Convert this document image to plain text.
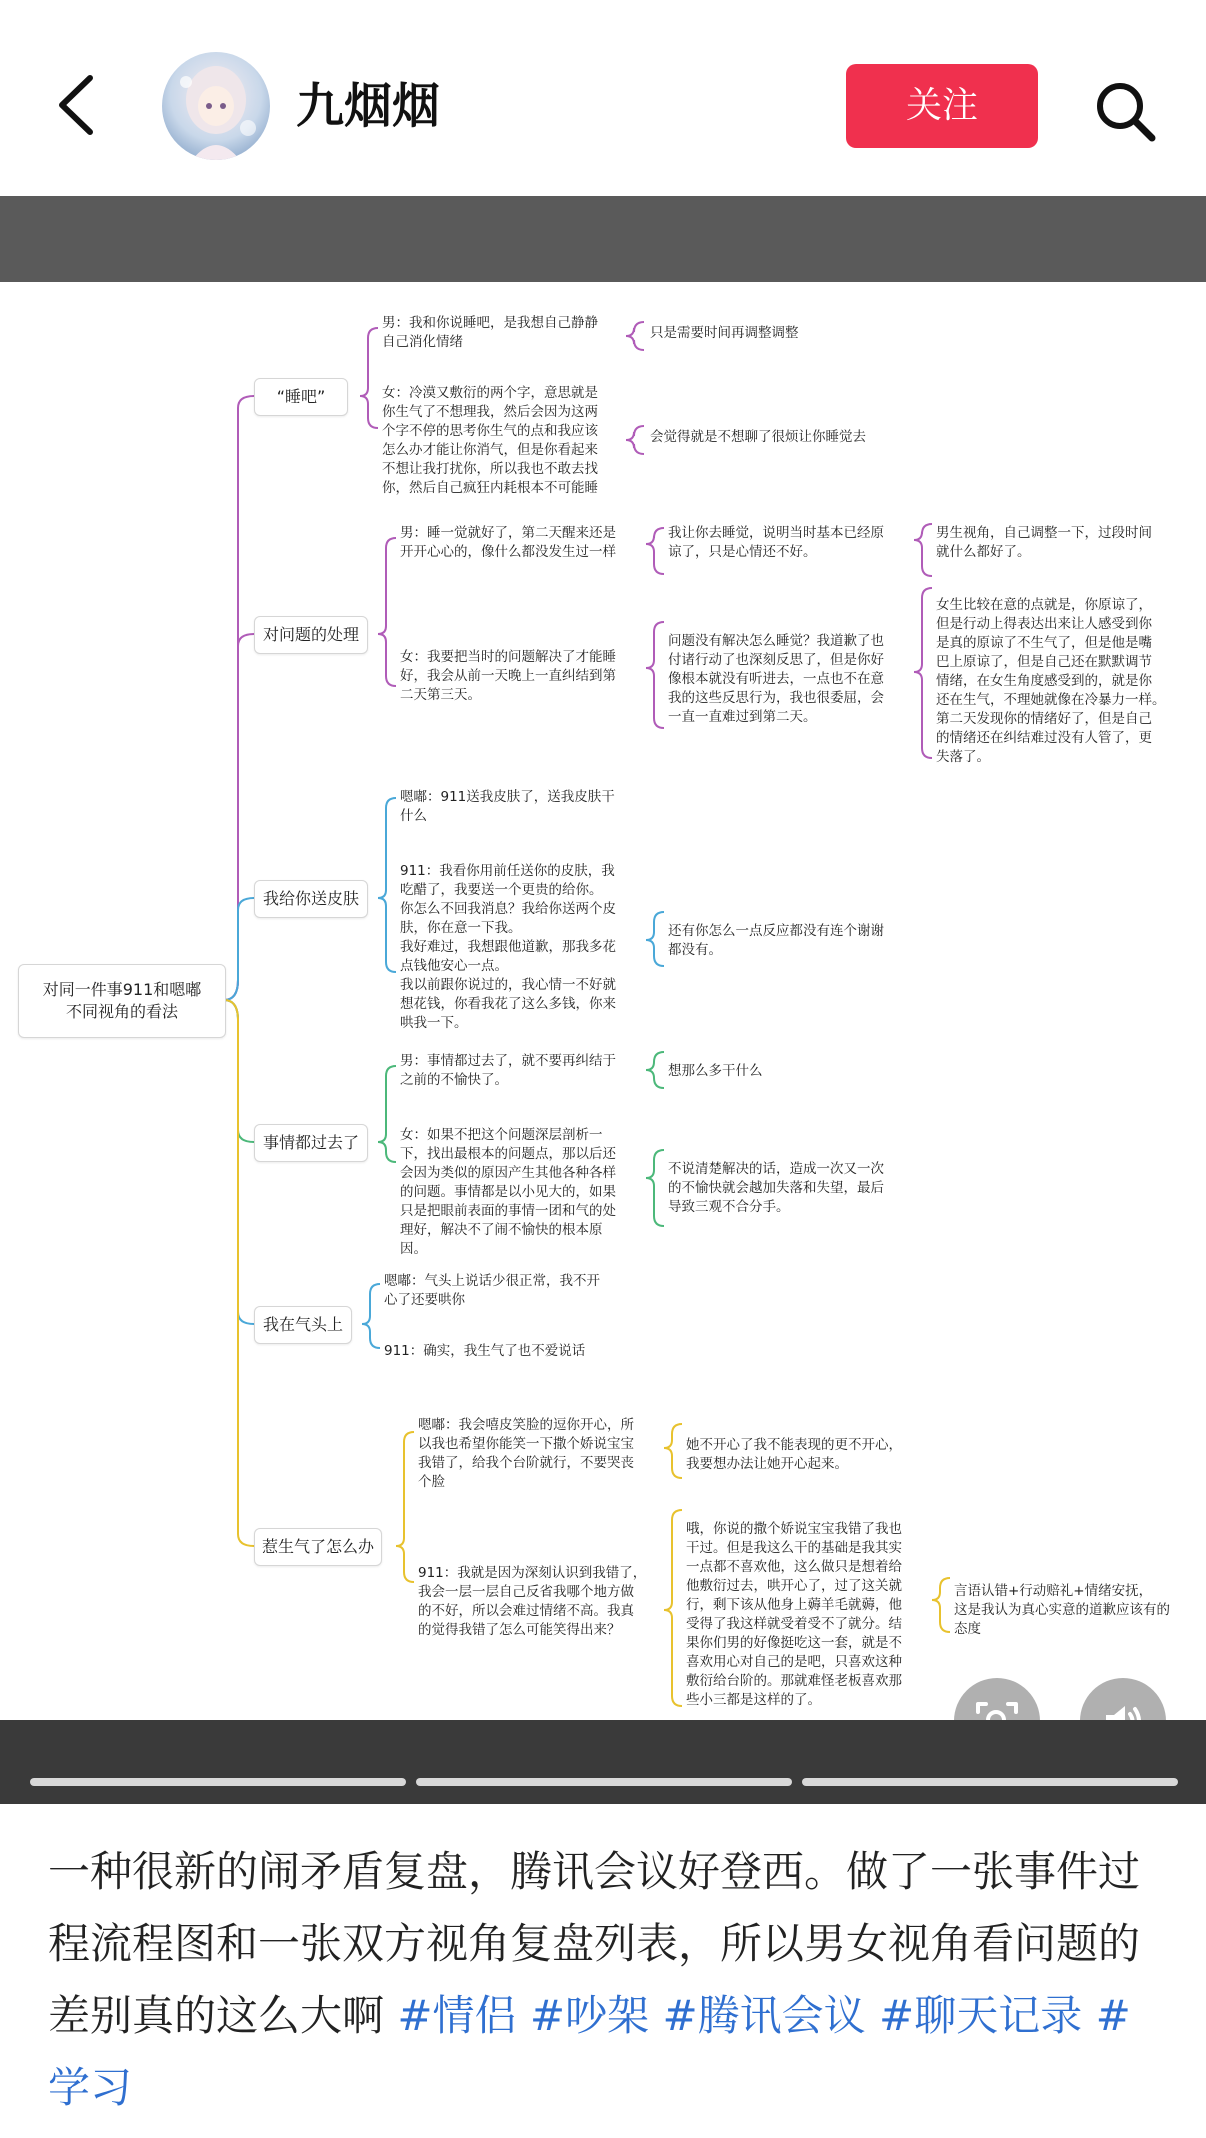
九烟烟	关注
对同一件事911和嗯嘟
不同视角的看法
“睡吧”
对问题的处理
我给你送皮肤
事情都过去了
我在气头上
惹生气了怎么办
男：我和你说睡吧，是我想自己静静
自己消化情绪
只是需要时间再调整调整
女：冷漠又敷衍的两个字，意思就是
你生气了不想理我，然后会因为这两
个字不停的思考你生气的点和我应该
怎么办才能让你消气，但是你看起来
不想让我打扰你，所以我也不敢去找
你，然后自己疯狂内耗根本不可能睡
会觉得就是不想聊了很烦让你睡觉去
男：睡一觉就好了，第二天醒来还是
开开心心的，像什么都没发生过一样
我让你去睡觉，说明当时基本已经原
谅了，只是心情还不好。
男生视角，自己调整一下，过段时间
就什么都好了。
女：我要把当时的问题解决了才能睡
好，我会从前一天晚上一直纠结到第
二天第三天。
问题没有解决怎么睡觉？我道歉了也
付诸行动了也深刻反思了，但是你好
像根本就没有听进去，一点也不在意
我的这些反思行为，我也很委屈，会
一直一直难过到第二天。
女生比较在意的点就是，你原谅了，
但是行动上得表达出来让人感受到你
是真的原谅了不生气了，但是他是嘴
巴上原谅了，但是自己还在默默调节
情绪，在女生角度感受到的，就是你
还在生气，不理她就像在冷暴力一样。
第二天发现你的情绪好了，但是自己
的情绪还在纠结难过没有人管了，更
失落了。
嗯嘟：911送我皮肤了，送我皮肤干
什么
911：我看你用前任送你的皮肤，我
吃醋了，我要送一个更贵的给你。
你怎么不回我消息？我给你送两个皮
肤，你在意一下我。
我好难过，我想跟他道歉，那我多花
点钱他安心一点。
我以前跟你说过的，我心情一不好就
想花钱，你看我花了这么多钱，你来
哄我一下。
还有你怎么一点反应都没有连个谢谢
都没有。
男：事情都过去了，就不要再纠结于
之前的不愉快了。
想那么多干什么
女：如果不把这个问题深层剖析一
下，找出最根本的问题点，那以后还
会因为类似的原因产生其他各种各样
的问题。事情都是以小见大的，如果
只是把眼前表面的事情一团和气的处
理好，解决不了闹不愉快的根本原
因。
不说清楚解决的话，造成一次又一次
的不愉快就会越加失落和失望，最后
导致三观不合分手。
嗯嘟：气头上说话少很正常，我不开
心了还要哄你
911：确实，我生气了也不爱说话
嗯嘟：我会嘻皮笑脸的逗你开心，所
以我也希望你能笑一下撒个娇说宝宝
我错了，给我个台阶就行，不要哭丧
个脸
她不开心了我不能表现的更不开心，
我要想办法让她开心起来。
911：我就是因为深刻认识到我错了，
我会一层一层自己反省我哪个地方做
的不好，所以会难过情绪不高。我真
的觉得我错了怎么可能笑得出来？
哦，你说的撒个娇说宝宝我错了我也
干过。但是我这么干的基础是我其实
一点都不喜欢他，这么做只是想着给
他敷衍过去，哄开心了，过了这关就
行，剩下该从他身上薅羊毛就薅，他
受得了我这样就受着受不了就分。结
果你们男的好像挺吃这一套，就是不
喜欢用心对自己的是吧，只喜欢这种
敷衍给台阶的。那就难怪老板喜欢那
些小三都是这样的了。
言语认错+行动赔礼+情绪安抚，
这是我认为真心实意的道歉应该有的
态度
一种很新的闹矛盾复盘，腾讯会议好登西。做了一张事件过程流程图和一张双方视角复盘列表，所以男女视角看问题的差别真的这么大啊 #情侣 #吵架 #腾讯会议 #聊天记录 #学习
